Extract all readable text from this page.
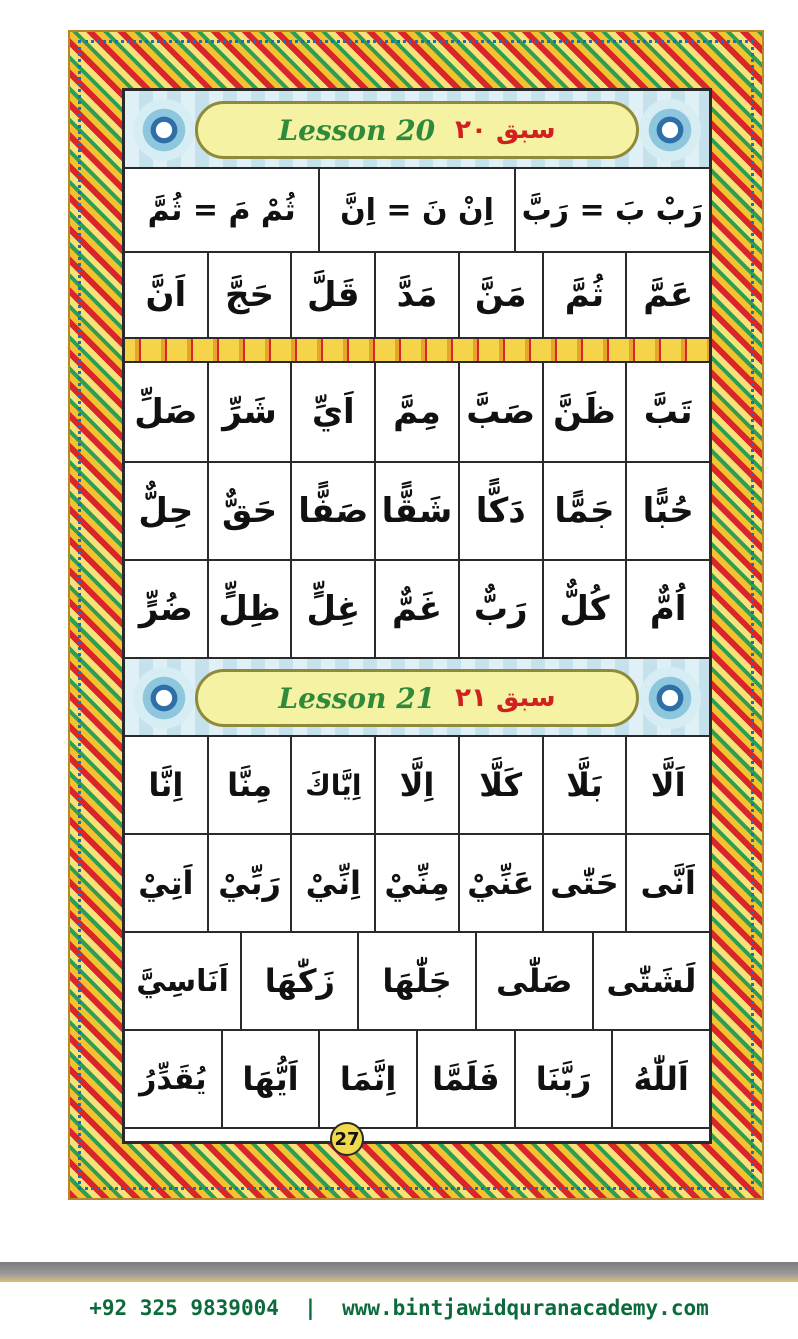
Lesson 20 سبق ٢٠
رَبْ بَ = رَبَّ
اِنْ نَ = اِنَّ
ثُمْ مَ = ثُمَّ
عَمَّ
ثُمَّ
مَنَّ
مَدَّ
قَلَّ
حَجَّ
اَنَّ
تَبَّ
ظَنَّ
صَبَّ
مِمَّ
اَيِّ
شَرِّ
صَلِّ
حُبًّا
جَمًّا
دَكًّا
شَقًّا
صَفًّا
حَقٌّ
حِلٌّ
اُمٌّ
كُلٌّ
رَبٌّ
غَمٌّ
غِلٍّ
ظِلٍّ
ضُرٍّ
Lesson 21 سبق ٢١
اَلَّا
بَلَّا
كَلَّا
اِلَّا
اِيَّاكَ
مِنَّا
اِنَّا
اَنَّى
حَتّٰى
عَنِّيْ
مِنِّيْ
اِنِّيْ
رَبِّيْ
اَتِيْ
لَشَتّٰى
صَلّٰى
جَلّٰهَا
زَكّٰهَا
اَنَاسِيَّ
اَللّٰهُ
رَبَّنَا
فَلَمَّا
اِنَّمَا
اَيُّهَا
يُقَدِّرُ
27
+92 325 9839004  |  www.bintjawidquranacademy.com
